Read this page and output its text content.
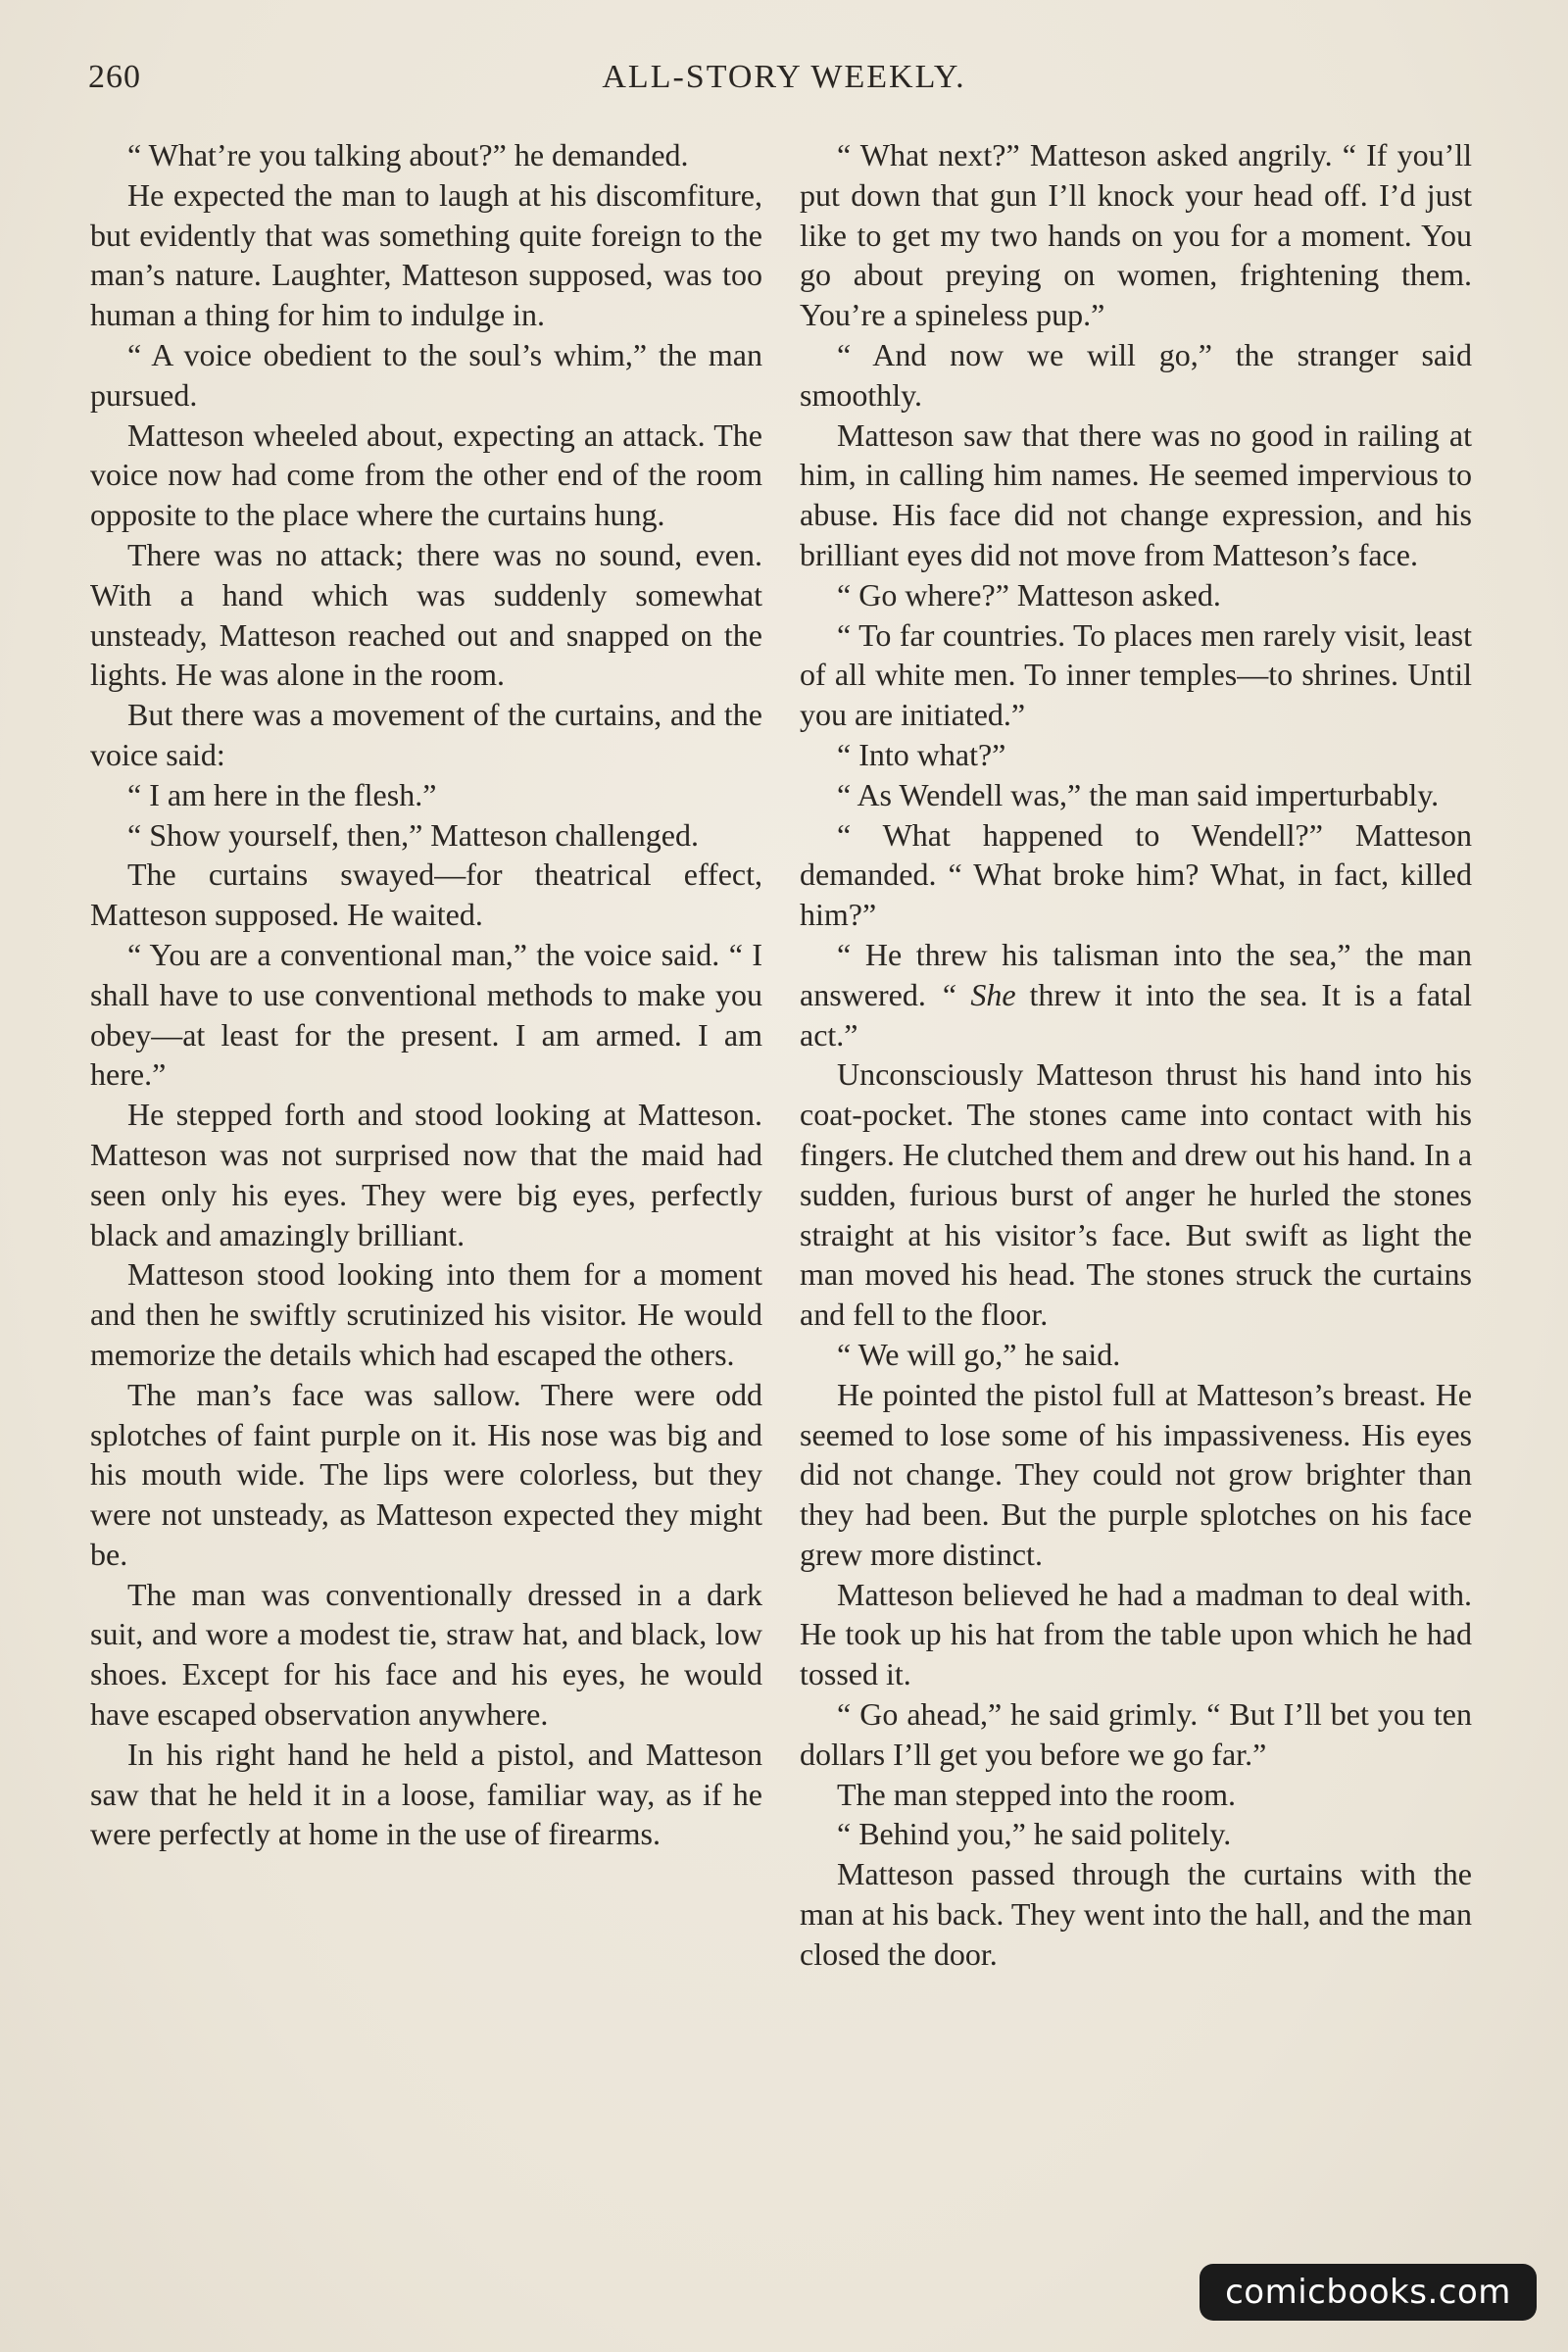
260	ALL-STORY WEEKLY.

“ What’re you talking about?” he demanded.

He expected the man to laugh at his discomfiture, but evidently that was something quite foreign to the man’s nature. Laughter, Matteson supposed, was too human a thing for him to indulge in.

“ A voice obedient to the soul’s whim,” the man pursued.

Matteson wheeled about, expecting an attack. The voice now had come from the other end of the room opposite to the place where the curtains hung.

There was no attack; there was no sound, even. With a hand which was suddenly somewhat unsteady, Matteson reached out and snapped on the lights. He was alone in the room.

But there was a movement of the curtains, and the voice said:

“ I am here in the flesh.”

“ Show yourself, then,” Matteson challenged.

The curtains swayed—for theatrical effect, Matteson supposed. He waited.

“ You are a conventional man,” the voice said. “ I shall have to use conventional methods to make you obey—at least for the present. I am armed. I am here.”

He stepped forth and stood looking at Matteson. Matteson was not surprised now that the maid had seen only his eyes. They were big eyes, perfectly black and amazingly brilliant.

Matteson stood looking into them for a moment and then he swiftly scrutinized his visitor. He would memorize the details which had escaped the others.

The man’s face was sallow. There were odd splotches of faint purple on it. His nose was big and his mouth wide. The lips were colorless, but they were not unsteady, as Matteson expected they might be.

The man was conventionally dressed in a dark suit, and wore a modest tie, straw hat, and black, low shoes. Except for his face and his eyes, he would have escaped observation anywhere.

In his right hand he held a pistol, and Matteson saw that he held it in a loose, familiar way, as if he were perfectly at home in the use of firearms.

“ What next?” Matteson asked angrily. “ If you’ll put down that gun I’ll knock your head off. I’d just like to get my two hands on you for a moment. You go about preying on women, frightening them. You’re a spineless pup.”

“ And now we will go,” the stranger said smoothly.

Matteson saw that there was no good in railing at him, in calling him names. He seemed impervious to abuse. His face did not change expression, and his brilliant eyes did not move from Matteson’s face.

“ Go where?” Matteson asked.

“ To far countries. To places men rarely visit, least of all white men. To inner temples—to shrines. Until you are initiated.”

“ Into what?”

“ As Wendell was,” the man said imperturbably.

“ What happened to Wendell?” Matteson demanded. “ What broke him? What, in fact, killed him?”

“ He threw his talisman into the sea,” the man answered. “ She threw it into the sea. It is a fatal act.”

Unconsciously Matteson thrust his hand into his coat-pocket. The stones came into contact with his fingers. He clutched them and drew out his hand. In a sudden, furious burst of anger he hurled the stones straight at his visitor’s face. But swift as light the man moved his head. The stones struck the curtains and fell to the floor.

“ We will go,” he said.

He pointed the pistol full at Matteson’s breast. He seemed to lose some of his impassiveness. His eyes did not change. They could not grow brighter than they had been. But the purple splotches on his face grew more distinct.

Matteson believed he had a madman to deal with. He took up his hat from the table upon which he had tossed it.

“ Go ahead,” he said grimly. “ But I’ll bet you ten dollars I’ll get you before we go far.”

The man stepped into the room.

“ Behind you,” he said politely.

Matteson passed through the curtains with the man at his back. They went into the hall, and the man closed the door.

comicbooks.com
